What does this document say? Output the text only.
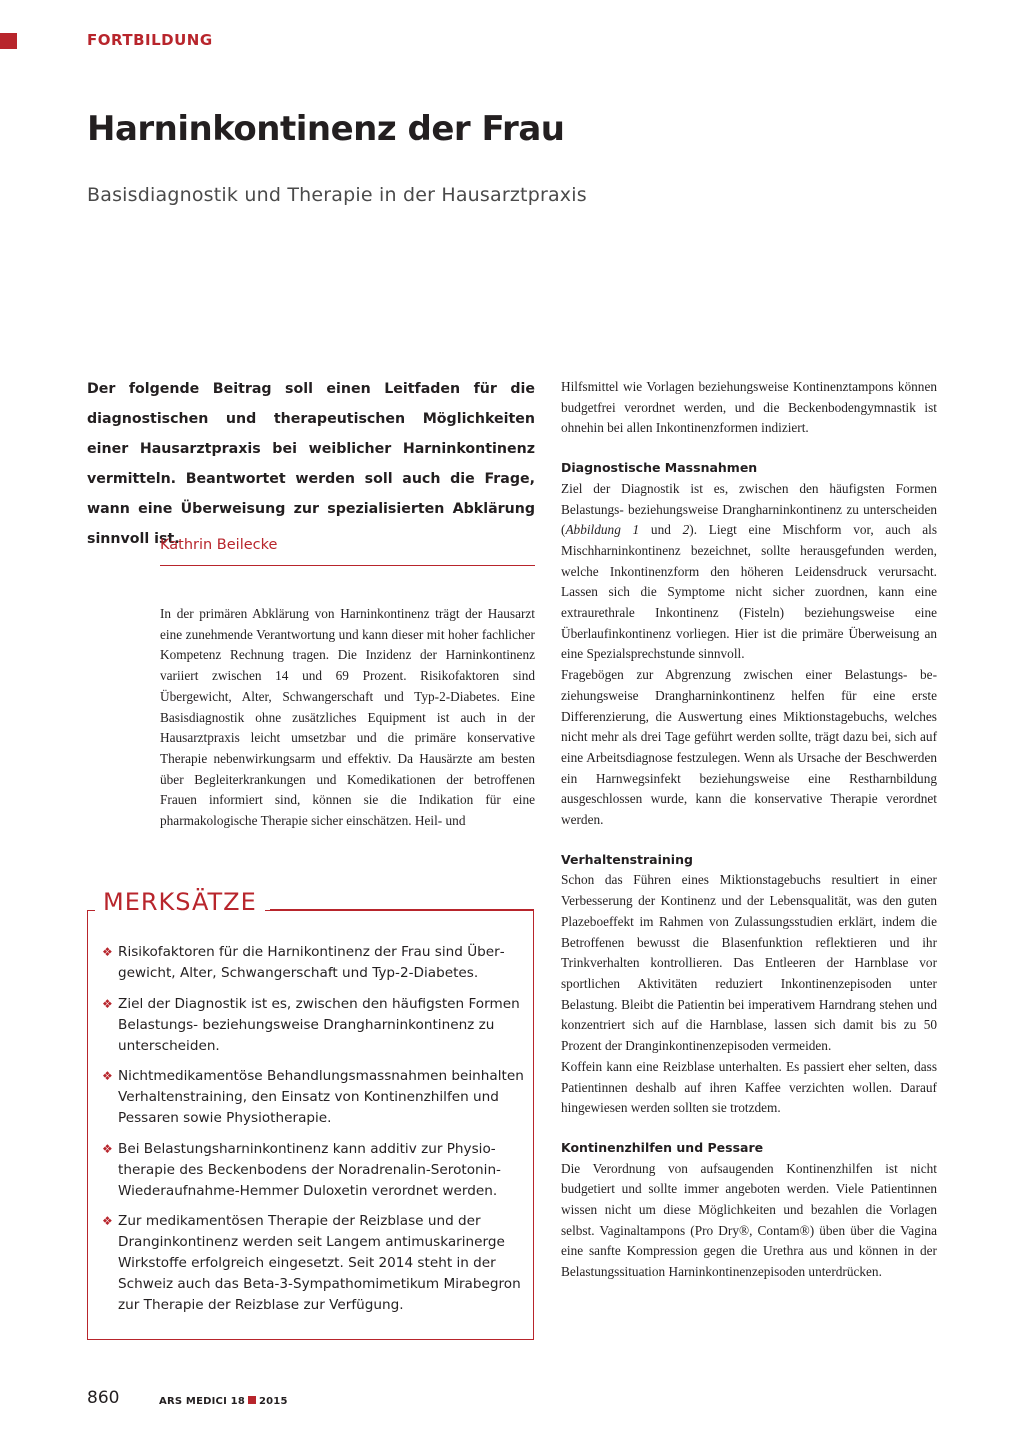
FORTBILDUNG
Harninkontinenz der Frau
Basisdiagnostik und Therapie in der Hausarztpraxis
Der folgende Beitrag soll einen Leitfaden für die diagnostischen und therapeutischen Möglichkeiten einer Hausarztpraxis bei weiblicher Harninkontinenz vermitteln. Beantwortet werden soll auch die Frage, wann eine Überweisung zur spezialisierten Abklärung sinnvoll ist.
Kathrin Beilecke
In der primären Abklärung von Harninkontinenz trägt der Hausarzt eine zunehmende Verantwortung und kann dieser mit hoher fachlicher Kompetenz Rechnung tragen. Die Inzidenz der Harninkontinenz variiert zwischen 14 und 69 Prozent. Risikofaktoren sind Übergewicht, Alter, Schwangerschaft und Typ-2-Diabetes. Eine Basisdiagnostik ohne zusätzliches Equipment ist auch in der Hausarztpraxis leicht umsetzbar und die primäre konservative Therapie nebenwirkungsarm und effektiv. Da Hausärzte am besten über Begleiterkrankungen und Komedikationen der betroffenen Frauen informiert sind, können sie die Indikation für eine pharmakologische Therapie sicher einschätzen. Heil- und
MERKSÄTZE
❖ Risikofaktoren für die Harnikontinenz der Frau sind Übergewicht, Alter, Schwangerschaft und Typ-2-Diabetes.
❖ Ziel der Diagnostik ist es, zwischen den häufigsten Formen Belastungs- beziehungsweise Drangharninkontinenz zu unterscheiden.
❖ Nichtmedikamentöse Behandlungsmassnahmen beinhalten Verhaltenstraining, den Einsatz von Kontinenzhilfen und Pessaren sowie Physiotherapie.
❖ Bei Belastungsharninkontinenz kann additiv zur Physiotherapie des Beckenbodens der Noradrenalin-Serotonin-Wiederaufnahme-Hemmer Duloxetin verordnet werden.
❖ Zur medikamentösen Therapie der Reizblase und der Dranginkontinenz werden seit Langem antimuskarinerge Wirkstoffe erfolgreich eingesetzt. Seit 2014 steht in der Schweiz auch das Beta-3-Sympathomimetikum Mirabegron zur Therapie der Reizblase zur Verfügung.

Hilfsmittel wie Vorlagen beziehungsweise Kontinenztampons können budgetfrei verordnet werden, und die Beckenbodengymnastik ist ohnehin bei allen Inkontinenzformen indiziert.

Diagnostische Massnahmen

Ziel der Diagnostik ist es, zwischen den häufigsten Formen Belastungs- beziehungsweise Drangharninkontinenz zu unterscheiden (Abbildung 1 und 2). Liegt eine Mischform vor, auch als Mischharninkontinenz bezeichnet, sollte herausgefunden werden, welche Inkontinenzform den höheren Leidensdruck verursacht. Lassen sich die Symptome nicht sicher zuordnen, kann eine extraurethrale Inkontinenz (Fisteln) beziehungsweise eine Überlaufinkontinenz vorliegen. Hier ist die primäre Überweisung an eine Spezialsprechstunde sinnvoll.

Fragebögen zur Abgrenzung zwischen einer Belastungs- beziehungsweise Drangharninkontinenz helfen für eine erste Differenzierung, die Auswertung eines Miktionstagebuchs, welches nicht mehr als drei Tage geführt werden sollte, trägt dazu bei, sich auf eine Arbeitsdiagnose festzulegen. Wenn als Ursache der Beschwerden ein Harnwegsinfekt beziehungsweise eine Restharnbildung ausgeschlossen wurde, kann die konservative Therapie verordnet werden.

Verhaltenstraining

Schon das Führen eines Miktionstagebuchs resultiert in einer Verbesserung der Kontinenz und der Lebensqualität, was den guten Plazeboeffekt im Rahmen von Zulassungsstudien erklärt, indem die Betroffenen bewusst die Blasenfunktion reflektieren und ihr Trinkverhalten kontrollieren. Das Entleeren der Harnblase vor sportlichen Aktivitäten reduziert Inkontinenzepisoden unter Belastung. Bleibt die Patientin bei imperativem Harndrang stehen und konzentriert sich auf die Harnblase, lassen sich damit bis zu 50 Prozent der Dranginkontinenzepisoden vermeiden.

Koffein kann eine Reizblase unterhalten. Es passiert eher selten, dass Patientinnen deshalb auf ihren Kaffee verzichten wollen. Darauf hingewiesen werden sollten sie trotzdem.

Kontinenzhilfen und Pessare

Die Verordnung von aufsaugenden Kontinenzhilfen ist nicht budgetiert und sollte immer angeboten werden. Viele Patientinnen wissen nicht um diese Möglichkeiten und bezahlen die Vorlagen selbst. Vaginaltampons (Pro Dry®, Contam®) üben über die Vagina eine sanfte Kompression gegen die Urethra aus und können in der Belastungssituation Harninkontinenzepisoden unterdrücken.

860	ARS MEDICI 18 2015
